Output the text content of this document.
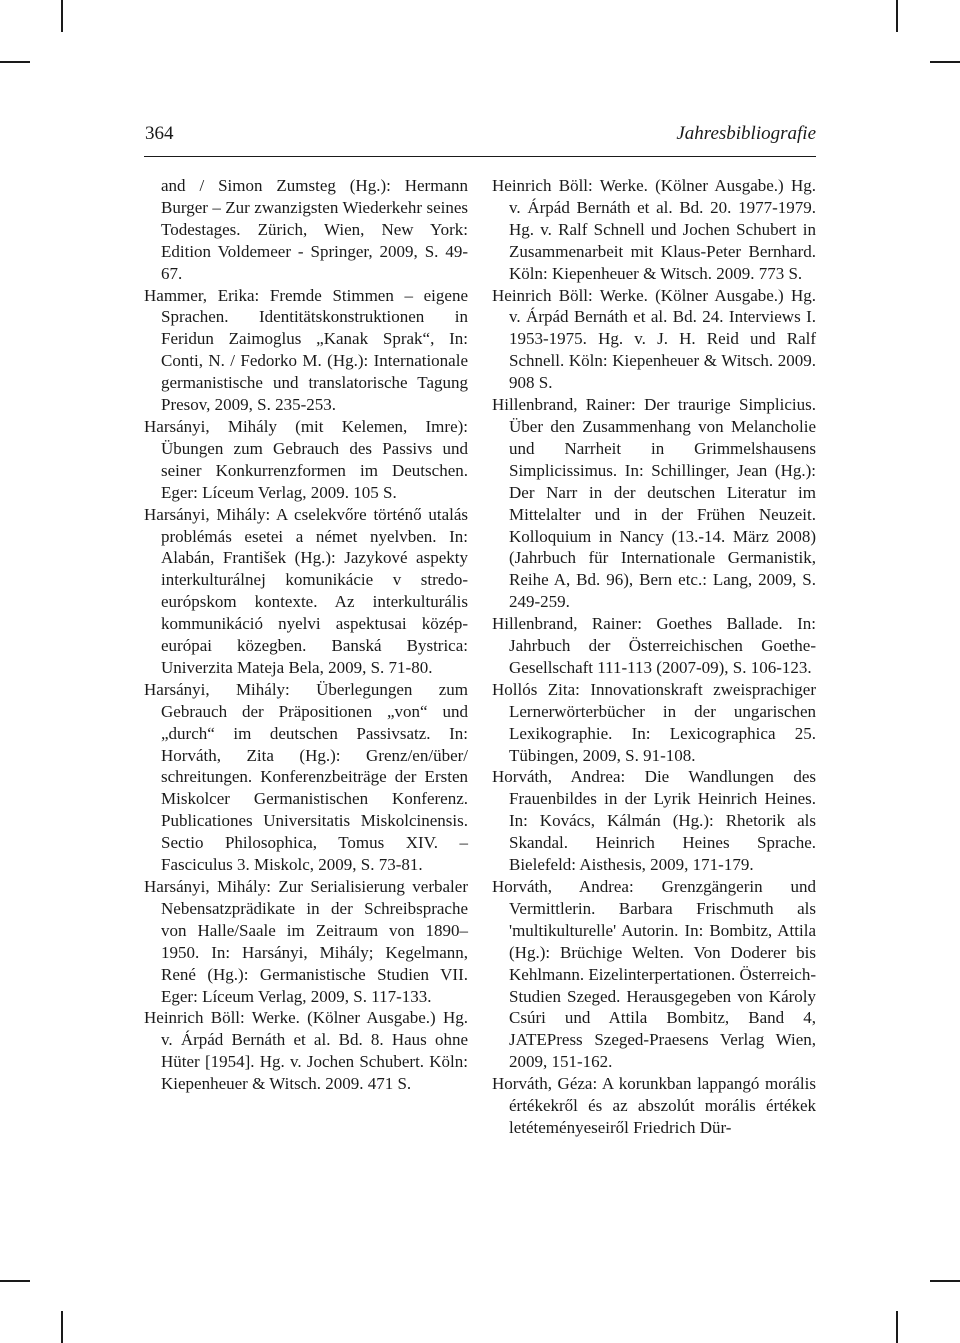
364	Jahresbibliografie

and / Simon Zumsteg (Hg.): Hermann Burger – Zur zwanzigsten Wiederkehr seines Todestages. Zürich, Wien, New York: Edition Voldemeer - Springer, 2009, S. 49-67.

Hammer, Erika: Fremde Stimmen – eigene Sprachen. Identitätskonstruktionen in Feridun Zaimoglus „Kanak Sprak“, In: Conti, N. / Fedorko M. (Hg.): Internationale germanistische und translatorische Tagung Presov, 2009, S. 235-253.

Harsányi, Mihály (mit Kelemen, Imre): Übungen zum Gebrauch des Passivs und seiner Konkurrenzformen im Deutschen. Eger: Líceum Verlag, 2009. 105 S.

Harsányi, Mihály: A cselekvőre történő utalás problémás esetei a német nyelvben. In: Alabán, František (Hg.): Jazykové aspekty interkulturálnej komunikácie v stredo-európskom kontexte. Az interkulturális kommunikáció nyelvi aspektusai közép-európai közegben. Banská Bystrica: Univerzita Mateja Bela, 2009, S. 71-80.

Harsányi, Mihály: Überlegungen zum Gebrauch der Präpositionen „von“ und „durch“ im deutschen Passivsatz. In: Horváth, Zita (Hg.): Grenz/en/über/ schreitungen. Konferenzbeiträge der Ersten Miskolcer Germanistischen Konferenz. Publicationes Universitatis Miskolcinensis. Sectio Philosophica, Tomus XIV. – Fasciculus 3. Miskolc, 2009, S. 73-81.

Harsányi, Mihály: Zur Serialisierung verbaler Nebensatzprädikate in der Schreibsprache von Halle/Saale im Zeitraum von 1890–1950. In: Harsányi, Mihály; Kegelmann, René (Hg.): Germanistische Studien VII. Eger: Líceum Verlag, 2009, S. 117-133.

Heinrich Böll: Werke. (Kölner Ausgabe.) Hg. v. Árpád Bernáth et al. Bd. 8. Haus ohne Hüter [1954]. Hg. v. Jochen Schubert. Köln: Kiepenheuer & Witsch. 2009. 471 S.

Heinrich Böll: Werke. (Kölner Ausgabe.) Hg. v. Árpád Bernáth et al. Bd. 20. 1977-1979. Hg. v. Ralf Schnell und Jochen Schubert in Zusammenarbeit mit Klaus-Peter Bernhard. Köln: Kiepenheuer & Witsch. 2009. 773 S.

Heinrich Böll: Werke. (Kölner Ausgabe.) Hg. v. Árpád Bernáth et al. Bd. 24. Interviews I. 1953-1975. Hg. v. J. H. Reid und Ralf Schnell. Köln: Kiepenheuer & Witsch. 2009. 908 S.

Hillenbrand, Rainer: Der traurige Simplicius. Über den Zusammenhang von Melancholie und Narrheit in Grimmelshausens Simplicissimus. In: Schillinger, Jean (Hg.): Der Narr in der deutschen Literatur im Mittelalter und in der Frühen Neuzeit. Kolloquium in Nancy (13.-14. März 2008) (Jahrbuch für Internationale Germanistik, Reihe A, Bd. 96), Bern etc.: Lang, 2009, S. 249-259.

Hillenbrand, Rainer: Goethes Ballade. In: Jahrbuch der Österreichischen Goethe-Gesellschaft 111-113 (2007-09), S. 106-123.

Hollós Zita: Innovationskraft zweisprachiger Lernerwörterbücher in der ungarischen Lexikographie. In: Lexicographica 25. Tübingen, 2009, S. 91-108.

Horváth, Andrea: Die Wandlungen des Frauenbildes in der Lyrik Heinrich Heines. In: Kovács, Kálmán (Hg.): Rhetorik als Skandal. Heinrich Heines Sprache. Bielefeld: Aisthesis, 2009, 171-179.

Horváth, Andrea: Grenzgängerin und Vermittlerin. Barbara Frischmuth als 'multikulturelle' Autorin. In: Bombitz, Attila (Hg.): Brüchige Welten. Von Doderer bis Kehlmann. Eizelinterpertationen. Österreich-Studien Szeged. Herausgegeben von Károly Csúri und Attila Bombitz, Band 4, JATEPress Szeged-Praesens Verlag Wien, 2009, 151-162.

Horváth, Géza: A korunkban lappangó morális értékekről és az abszolút morális értékek letéteményeseiről Friedrich Dür-
